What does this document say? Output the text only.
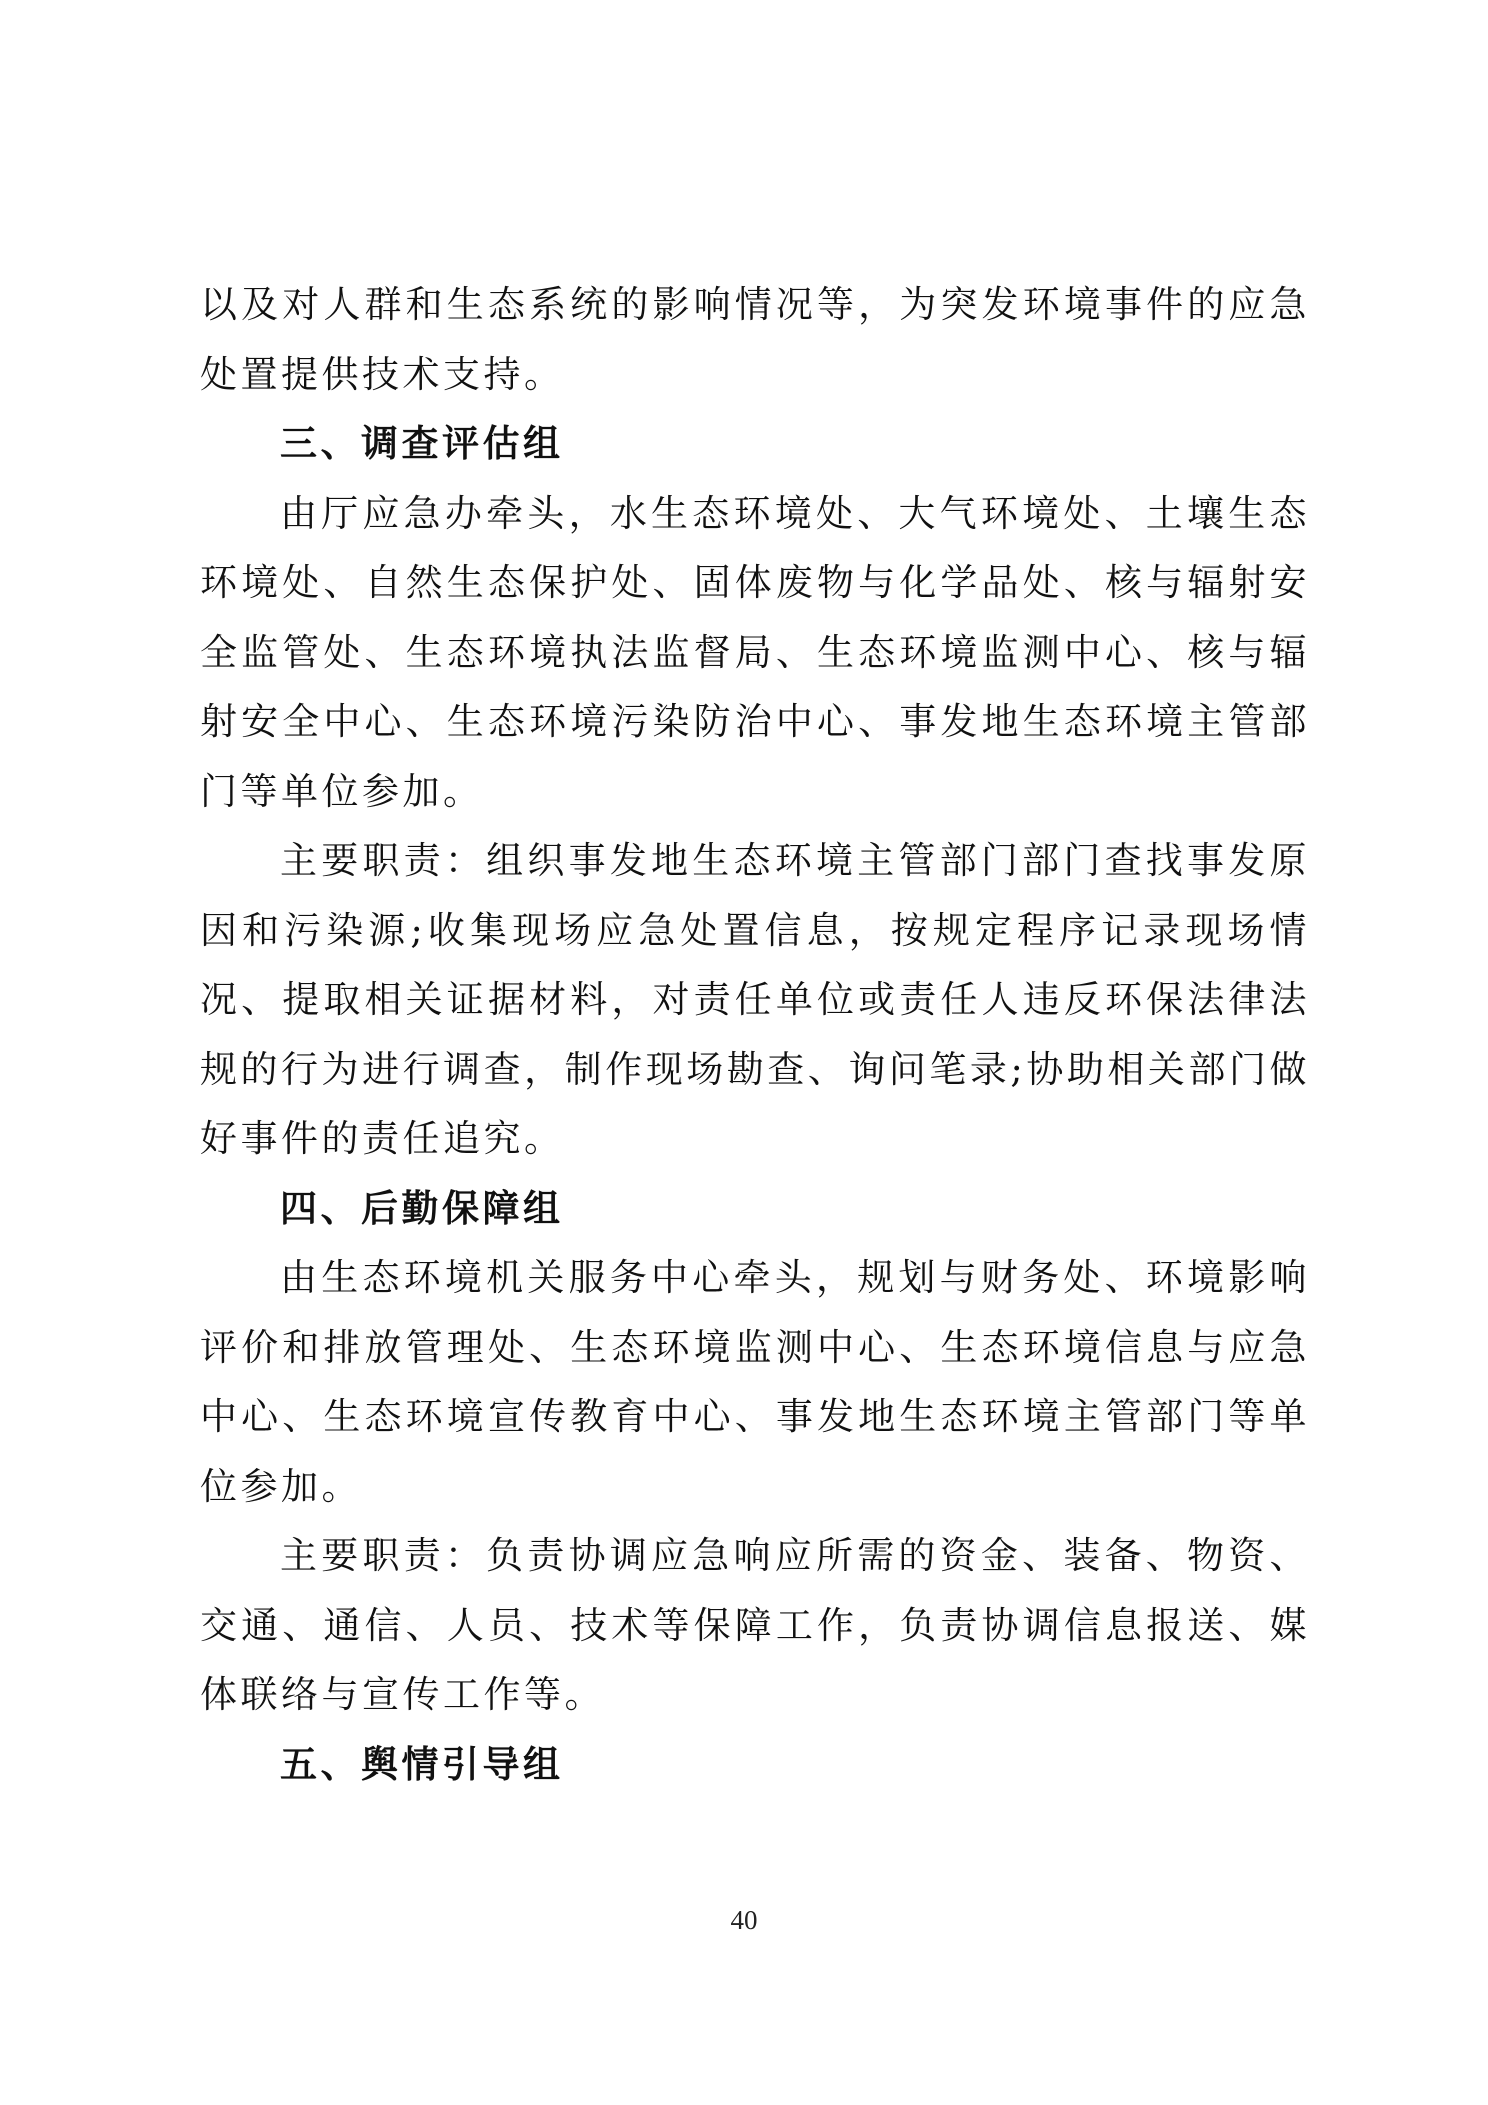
以及对人群和生态系统的影响情况等，为突发环境事件的应急处置提供技术支持。

三、调查评估组

由厅应急办牵头，水生态环境处、大气环境处、土壤生态环境处、自然生态保护处、固体废物与化学品处、核与辐射安全监管处、生态环境执法监督局、生态环境监测中心、核与辐射安全中心、生态环境污染防治中心、事发地生态环境主管部门等单位参加。

主要职责：组织事发地生态环境主管部门部门查找事发原因和污染源;收集现场应急处置信息，按规定程序记录现场情况、提取相关证据材料，对责任单位或责任人违反环保法律法规的行为进行调查，制作现场勘查、询问笔录;协助相关部门做好事件的责任追究。

四、后勤保障组

由生态环境机关服务中心牵头，规划与财务处、环境影响评价和排放管理处、生态环境监测中心、生态环境信息与应急中心、生态环境宣传教育中心、事发地生态环境主管部门等单位参加。

主要职责：负责协调应急响应所需的资金、装备、物资、交通、通信、人员、技术等保障工作，负责协调信息报送、媒体联络与宣传工作等。

五、舆情引导组

40
